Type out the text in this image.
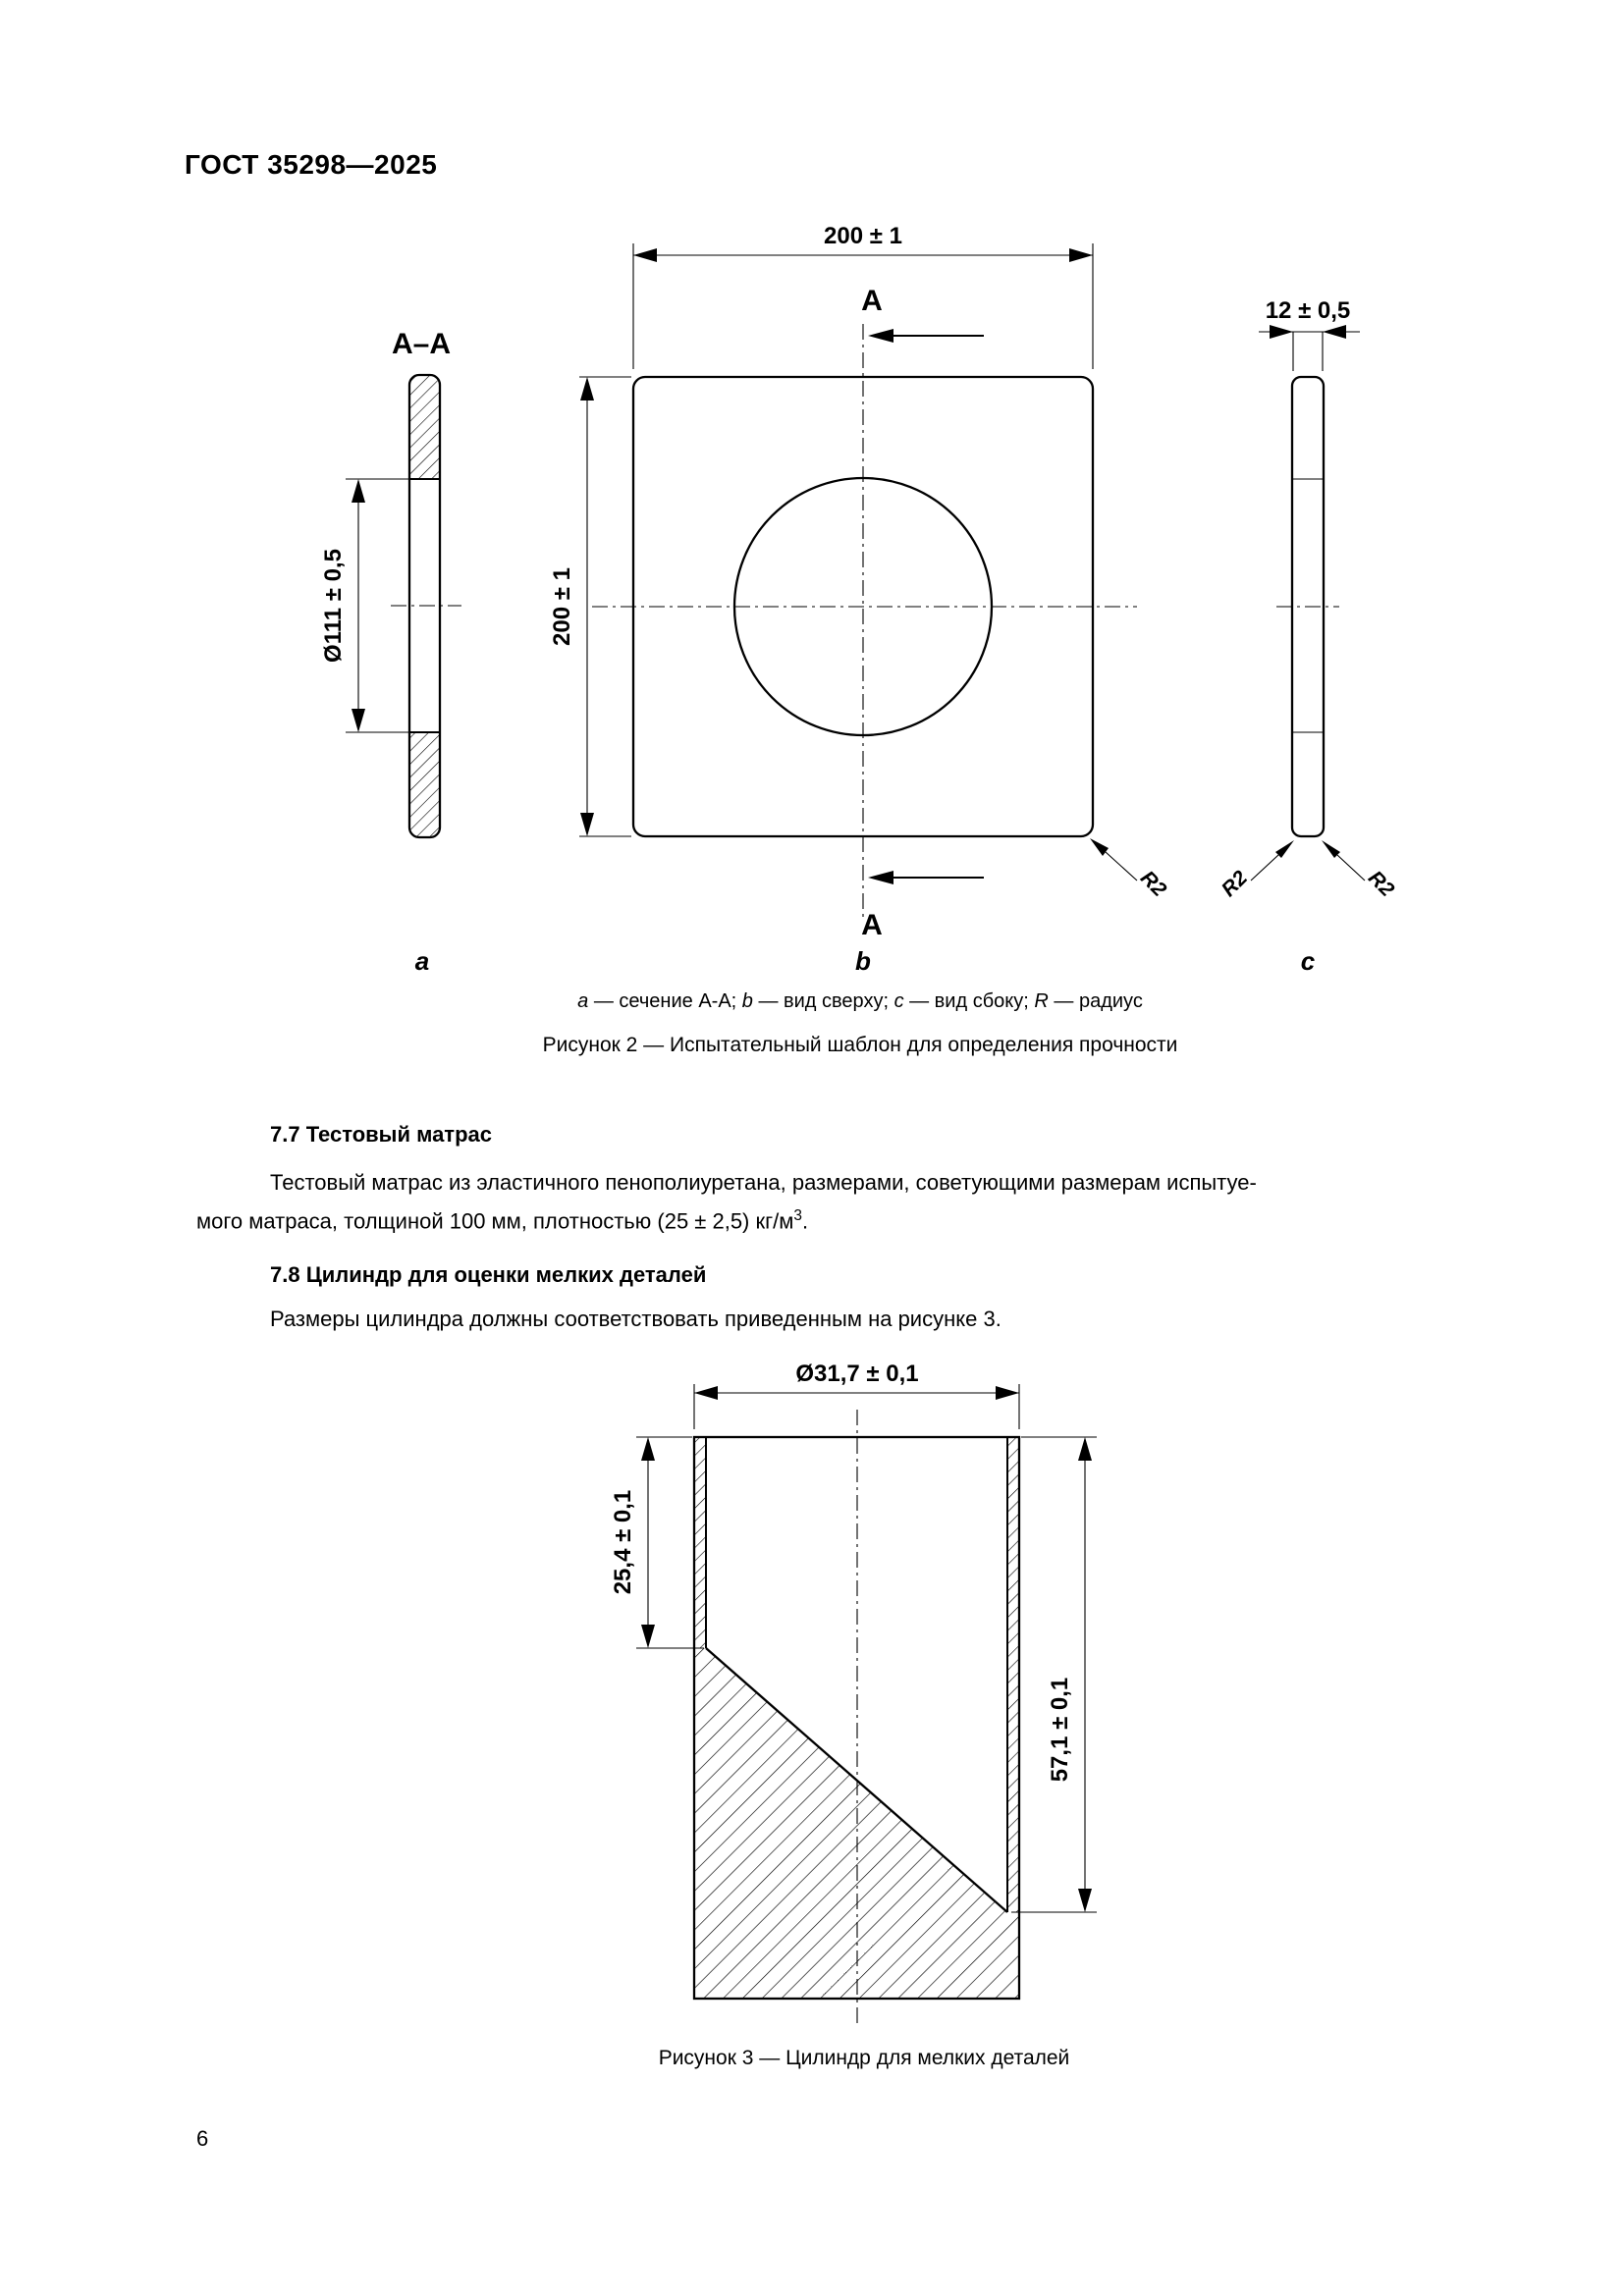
ГОСТ 35298—2025
А–А
Ø111 ± 0,5
a
200 ± 1
200 ± 1
А
А
R2
b
12 ± 0,5
R2	R2
c
Ø31,7 ± 0,1
25,4 ± 0,1
57,1 ± 0,1
a — сечение А-А; b — вид сверху; c — вид сбоку; R — радиус
Рисунок 2 — Испытательный шаблон для определения прочности
7.7 Тестовый матрас
Тестовый матрас из эластичного пенополиуретана, размерами, советующими размерам испытуе-
мого матраса, толщиной 100 мм, плотностью (25 ± 2,5) $кг/м^3$.
7.8 Цилиндр для оценки мелких деталей
Размеры цилиндра должны соответствовать приведенным на рисунке 3.
Рисунок 3 — Цилиндр для мелких деталей
6
